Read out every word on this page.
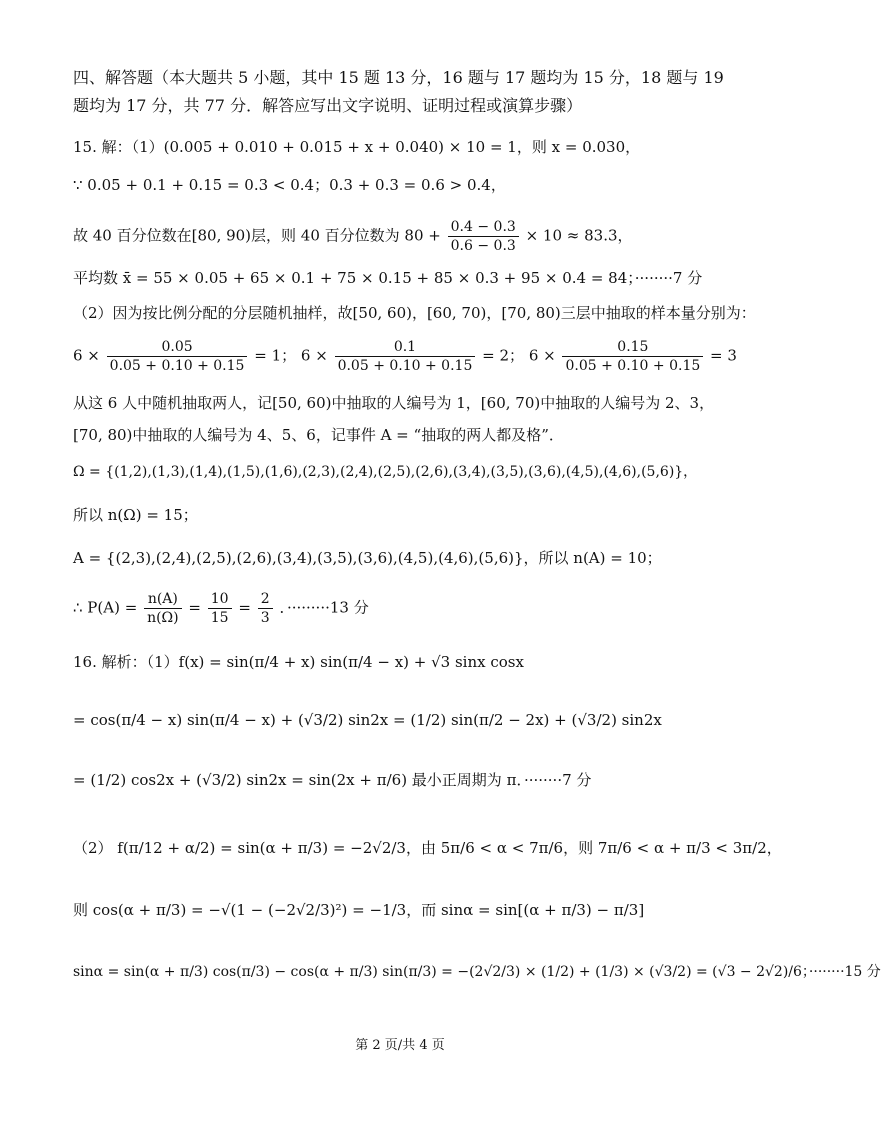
四、解答题（本大题共 5 小题，其中 15 题 13 分，16 题与 17 题均为 15 分，18 题与 19 题均为 17 分，共 77 分．解答应写出文字说明、证明过程或演算步骤）
15. 解：（1）(0.005 + 0.010 + 0.015 + x + 0.040) × 10 = 1，则 x = 0.030，
∵ 0.05 + 0.1 + 0.15 = 0.3 < 0.4；0.3 + 0.3 = 0.6 > 0.4，
故 40 百分位数在[80, 90)层，则 40 百分位数为 $80 + \frac{0.4 - 0.3}{0.6 - 0.3} \times 10 \approx 83.3$，
平均数 x̄ = 55 × 0.05 + 65 × 0.1 + 75 × 0.15 + 85 × 0.3 + 95 × 0.4 = 84；········7 分
（2）因为按比例分配的分层随机抽样，故[50, 60)，[60, 70)，[70, 80)三层中抽取的样本量分别为：
$6 \times \frac{0.05}{0.05 + 0.10 + 0.15} = 1$； $6 \times \frac{0.1}{0.05 + 0.10 + 0.15} = 2$； $6 \times \frac{0.15}{0.05 + 0.10 + 0.15} = 3$
从这 6 人中随机抽取两人，记[50, 60)中抽取的人编号为 1，[60, 70)中抽取的人编号为 2、3，
[70, 80)中抽取的人编号为 4、5、6，记事件 A = “抽取的两人都及格”．
Ω = {(1,2),(1,3),(1,4),(1,5),(1,6),(2,3),(2,4),(2,5),(2,6),(3,4),(3,5),(3,6),(4,5),(4,6),(5,6)}，
所以 n(Ω) = 15；
A = {(2,3),(2,4),(2,5),(2,6),(3,4),(3,5),(3,6),(4,5),(4,6),(5,6)}，所以 n(A) = 10；
∴ $P(A) = \frac{n(A)}{n(\Omega)} = \frac{10}{15} = \frac{2}{3}$ ．·········13 分
16. 解析：（1）f(x) = sin(π/4 + x) sin(π/4 − x) + √3 sinx cosx
= cos(π/4 − x) sin(π/4 − x) + (√3/2) sin2x = (1/2) sin(π/2 − 2x) + (√3/2) sin2x
= (1/2) cos2x + (√3/2) sin2x = sin(2x + π/6) 最小正周期为 π．········7 分
（2） f(π/12 + α/2) = sin(α + π/3) = −2√2/3，由 5π/6 < α < 7π/6，则 7π/6 < α + π/3 < 3π/2，
则 cos(α + π/3) = −√(1 − (−2√2/3)²) = −1/3，而 sinα = sin[(α + π/3) − π/3]
sinα = sin(α + π/3) cos(π/3) − cos(α + π/3) sin(π/3) = −(2√2/3) × (1/2) + (1/3) × (√3/2) = (√3 − 2√2)/6；········15 分
第 2 页/共 4 页
